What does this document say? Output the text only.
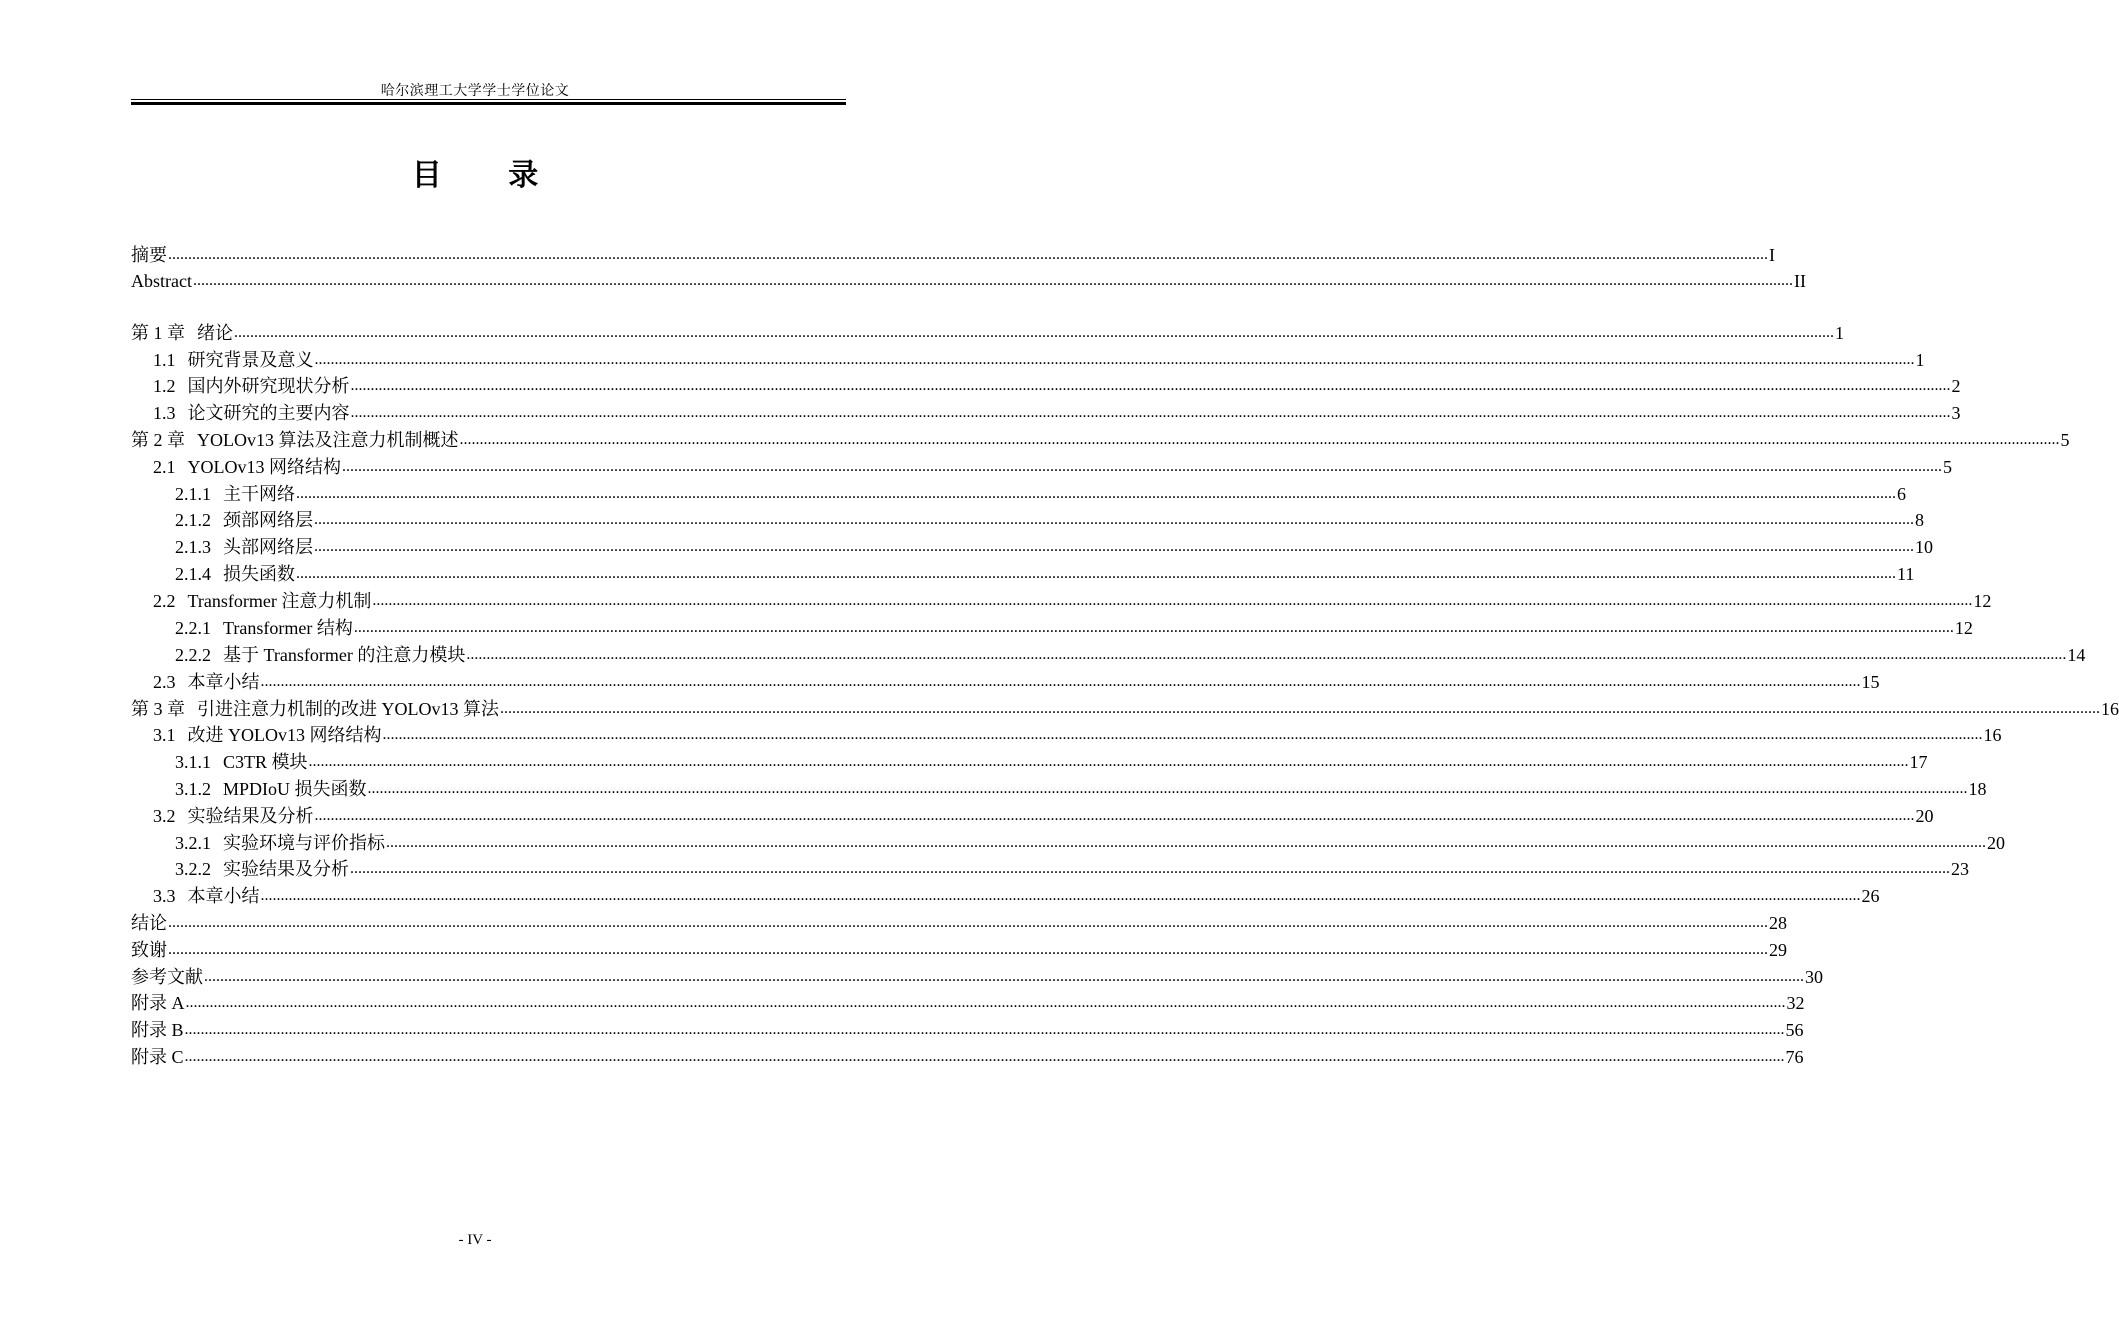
哈尔滨理工大学学士学位论文
目 录
摘要 ................................................................................................................................................................................................................................................................................................................................................................................................................ I
Abstract ................................................................................................................................................................................................................................................................................................................................................................................................................ II
第 1 章 绪论 ................................................................................................................................................................................................................................................................................................................................................................................................................ 1
1.1 研究背景及意义 ................................................................................................................................................................................................................................................................................................................................................................................................................ 1
1.2 国内外研究现状分析 ................................................................................................................................................................................................................................................................................................................................................................................................................ 2
1.3 论文研究的主要内容 ................................................................................................................................................................................................................................................................................................................................................................................................................ 3
第 2 章 YOLOv13 算法及注意力机制概述 ................................................................................................................................................................................................................................................................................................................................................................................................................ 5
2.1 YOLOv13 网络结构 ................................................................................................................................................................................................................................................................................................................................................................................................................ 5
2.1.1 主干网络 ................................................................................................................................................................................................................................................................................................................................................................................................................ 6
2.1.2 颈部网络层 ................................................................................................................................................................................................................................................................................................................................................................................................................ 8
2.1.3 头部网络层 ................................................................................................................................................................................................................................................................................................................................................................................................................ 10
2.1.4 损失函数 ................................................................................................................................................................................................................................................................................................................................................................................................................ 11
2.2 Transformer 注意力机制 ................................................................................................................................................................................................................................................................................................................................................................................................................ 12
2.2.1 Transformer 结构 ................................................................................................................................................................................................................................................................................................................................................................................................................ 12
2.2.2 基于 Transformer 的注意力模块 ................................................................................................................................................................................................................................................................................................................................................................................................................ 14
2.3 本章小结 ................................................................................................................................................................................................................................................................................................................................................................................................................ 15
第 3 章 引进注意力机制的改进 YOLOv13 算法 ................................................................................................................................................................................................................................................................................................................................................................................................................ 16
3.1 改进 YOLOv13 网络结构 ................................................................................................................................................................................................................................................................................................................................................................................................................ 16
3.1.1 C3TR 模块 ................................................................................................................................................................................................................................................................................................................................................................................................................ 17
3.1.2 MPDIoU 损失函数 ................................................................................................................................................................................................................................................................................................................................................................................................................ 18
3.2 实验结果及分析 ................................................................................................................................................................................................................................................................................................................................................................................................................ 20
3.2.1 实验环境与评价指标 ................................................................................................................................................................................................................................................................................................................................................................................................................ 20
3.2.2 实验结果及分析 ................................................................................................................................................................................................................................................................................................................................................................................................................ 23
3.3 本章小结 ................................................................................................................................................................................................................................................................................................................................................................................................................ 26
结论 ................................................................................................................................................................................................................................................................................................................................................................................................................ 28
致谢 ................................................................................................................................................................................................................................................................................................................................................................................................................ 29
参考文献 ................................................................................................................................................................................................................................................................................................................................................................................................................ 30
附录 A ................................................................................................................................................................................................................................................................................................................................................................................................................ 32
附录 B ................................................................................................................................................................................................................................................................................................................................................................................................................ 56
附录 C ................................................................................................................................................................................................................................................................................................................................................................................................................ 76
- IV -
